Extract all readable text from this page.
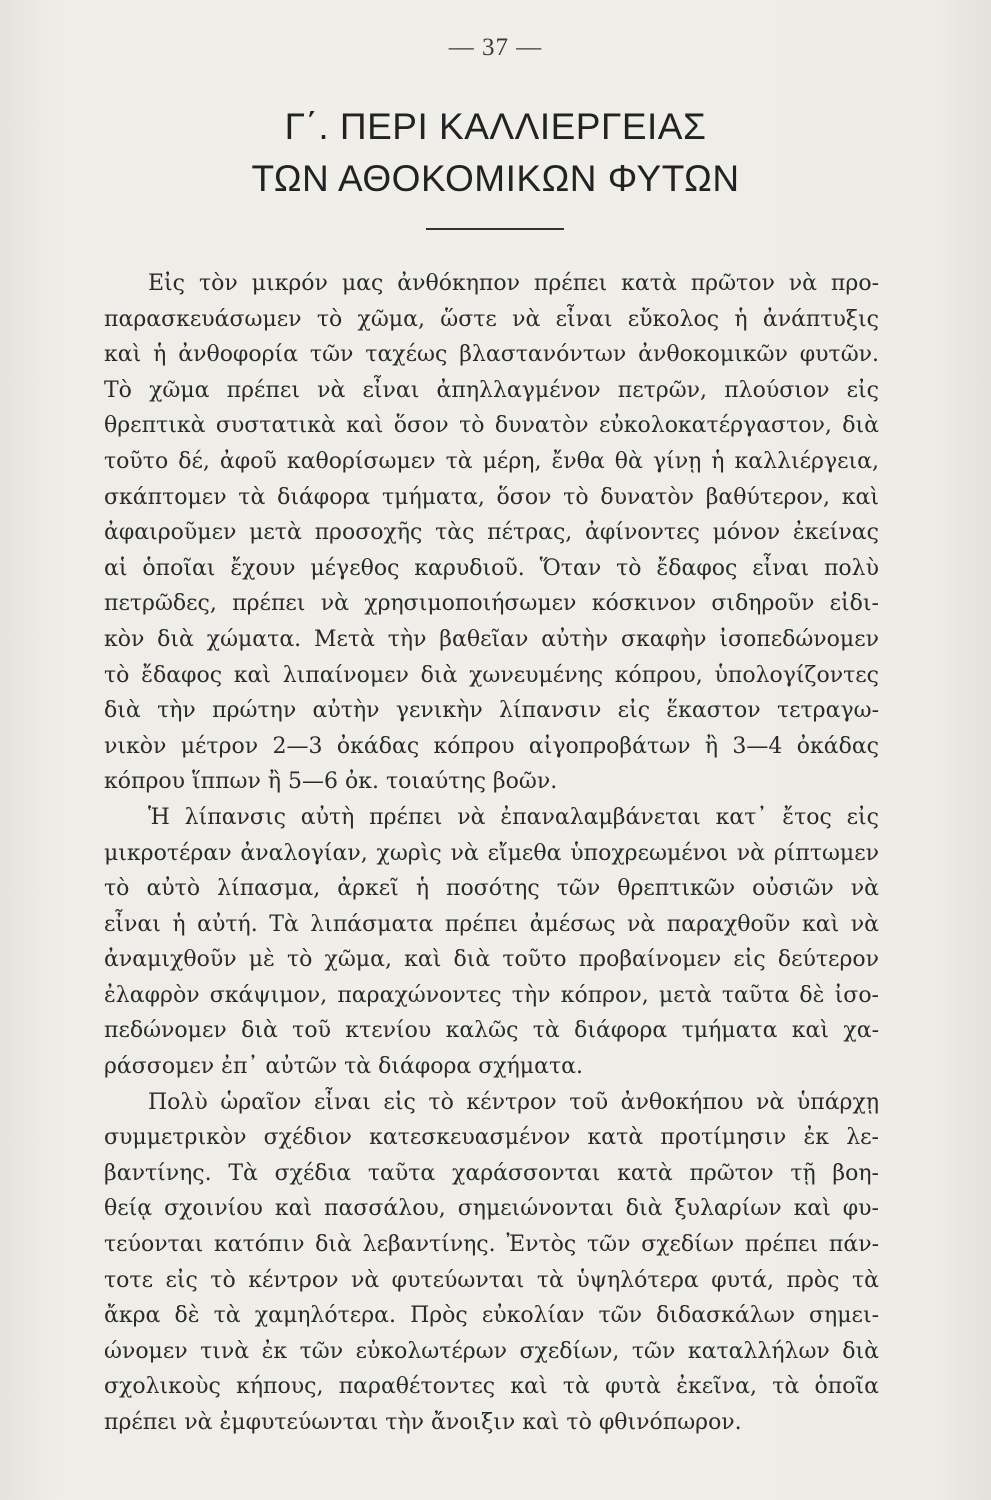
— 37 —
Γ΄. ΠΕΡΙ ΚΑΛΛΙΕΡΓΕΙΑΣ
ΤΩΝ ΑΘΟΚΟΜΙΚΩΝ ΦΥΤΩΝ
Εἰς τὸν μικρόν μας ἀνθόκηπον πρέπει κατὰ πρῶτον νὰ προ-
παρασκευάσωμεν τὸ χῶμα, ὥστε νὰ εἶναι εὔκολος ἡ ἀνάπτυξις
καὶ ἡ ἀνθοφορία τῶν ταχέως βλαστανόντων ἀνθοκομικῶν φυτῶν.
Τὸ χῶμα πρέπει νὰ εἶναι ἀπηλλαγμένον πετρῶν, πλούσιον εἰς
θρεπτικὰ συστατικὰ καὶ ὅσον τὸ δυνατὸν εὐκολοκατέργαστον, διὰ
τοῦτο δέ, ἀφοῦ καθορίσωμεν τὰ μέρη, ἔνθα θὰ γίνῃ ἡ καλλιέργεια,
σκάπτομεν τὰ διάφορα τμήματα, ὅσον τὸ δυνατὸν βαθύτερον, καὶ
ἀφαιροῦμεν μετὰ προσοχῆς τὰς πέτρας, ἀφίνοντες μόνον ἐκείνας
αἱ ὁποῖαι ἔχουν μέγεθος καρυδιοῦ. Ὅταν τὸ ἔδαφος εἶναι πολὺ
πετρῶδες, πρέπει νὰ χρησιμοποιήσωμεν κόσκινον σιδηροῦν εἰδι-
κὸν διὰ χώματα. Μετὰ τὴν βαθεῖαν αὐτὴν σκαφὴν ἰσοπεδώνομεν
τὸ ἔδαφος καὶ λιπαίνομεν διὰ χωνευμένης κόπρου, ὑπολογίζοντες
διὰ τὴν πρώτην αὐτὴν γενικὴν λίπανσιν εἰς ἕκαστον τετραγω-
νικὸν μέτρον 2—3 ὀκάδας κόπρου αἰγοπροβάτων ἢ 3—4 ὀκάδας
κόπρου ἵππων ἢ 5—6 ὀκ. τοιαύτης βοῶν.
Ἡ λίπανσις αὐτὴ πρέπει νὰ ἐπαναλαμβάνεται κατ᾽ ἔτος εἰς
μικροτέραν ἀναλογίαν, χωρὶς νὰ εἴμεθα ὑποχρεωμένοι νὰ ρίπτωμεν
τὸ αὐτὸ λίπασμα, ἀρκεῖ ἡ ποσότης τῶν θρεπτικῶν οὐσιῶν νὰ
εἶναι ἡ αὐτή. Τὰ λιπάσματα πρέπει ἀμέσως νὰ παραχθοῦν καὶ νὰ
ἀναμιχθοῦν μὲ τὸ χῶμα, καὶ διὰ τοῦτο προβαίνομεν εἰς δεύτερον
ἐλαφρὸν σκάψιμον, παραχώνοντες τὴν κόπρον, μετὰ ταῦτα δὲ ἰσο-
πεδώνομεν διὰ τοῦ κτενίου καλῶς τὰ διάφορα τμήματα καὶ χα-
ράσσομεν ἐπ᾽ αὐτῶν τὰ διάφορα σχήματα.
Πολὺ ὡραῖον εἶναι εἰς τὸ κέντρον τοῦ ἀνθοκήπου νὰ ὑπάρχῃ
συμμετρικὸν σχέδιον κατεσκευασμένον κατὰ προτίμησιν ἐκ λε-
βαντίνης. Τὰ σχέδια ταῦτα χαράσσονται κατὰ πρῶτον τῇ βοη-
θείᾳ σχοινίου καὶ πασσάλου, σημειώνονται διὰ ξυλαρίων καὶ φυ-
τεύονται κατόπιν διὰ λεβαντίνης. Ἐντὸς τῶν σχεδίων πρέπει πάν-
τοτε εἰς τὸ κέντρον νὰ φυτεύωνται τὰ ὑψηλότερα φυτά, πρὸς τὰ
ἄκρα δὲ τὰ χαμηλότερα. Πρὸς εὐκολίαν τῶν διδασκάλων σημει-
ώνομεν τινὰ ἐκ τῶν εὐκολωτέρων σχεδίων, τῶν καταλλήλων διὰ
σχολικοὺς κήπους, παραθέτοντες καὶ τὰ φυτὰ ἐκεῖνα, τὰ ὁποῖα
πρέπει νὰ ἐμφυτεύωνται τὴν ἄνοιξιν καὶ τὸ φθινόπωρον.
